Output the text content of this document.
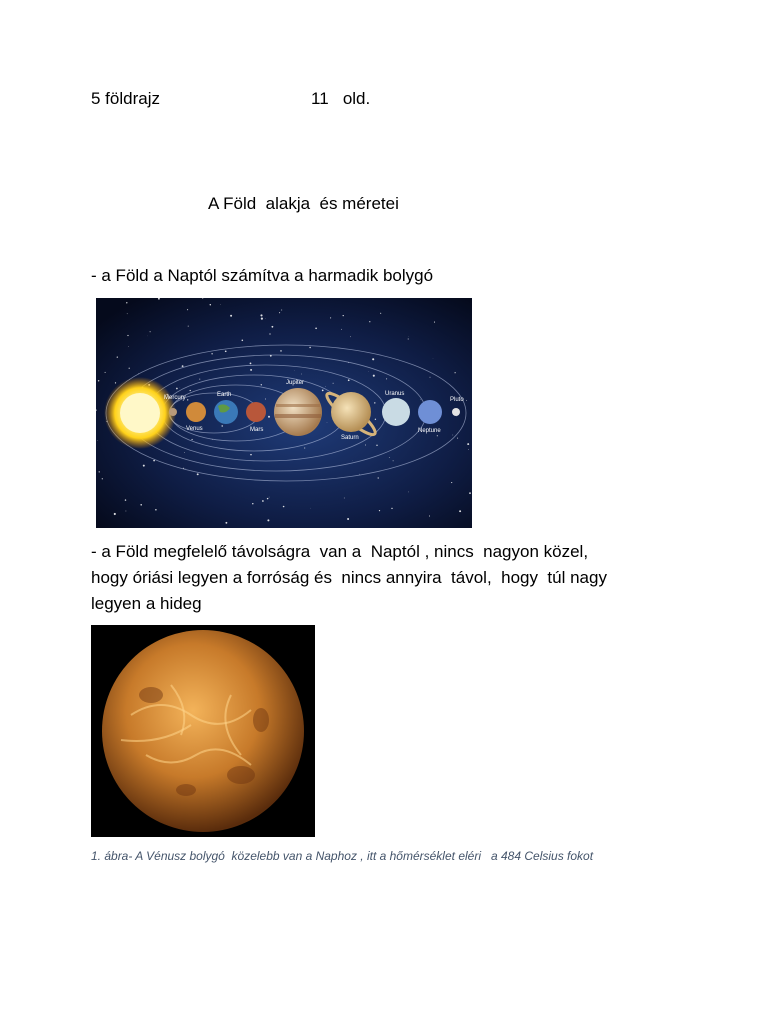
5 földrajz	11   old.
A Föld  alakja  és méretei
- a Föld a Naptól számítva a harmadik bolygó
Mercury
Venus
Earth
Mars
Jupiter
Saturn
Uranus
Neptune
Pluto
- a Föld megfelelő távolságra  van a  Naptól , nincs  nagyon közel,
hogy óriási legyen a forróság és  nincs annyira  távol,  hogy  túl nagy
legyen a hideg
1. ábra- A Vénusz bolygó  közelebb van a Naphoz , itt a hőmérséklet eléri   a 484 Celsius fokot
